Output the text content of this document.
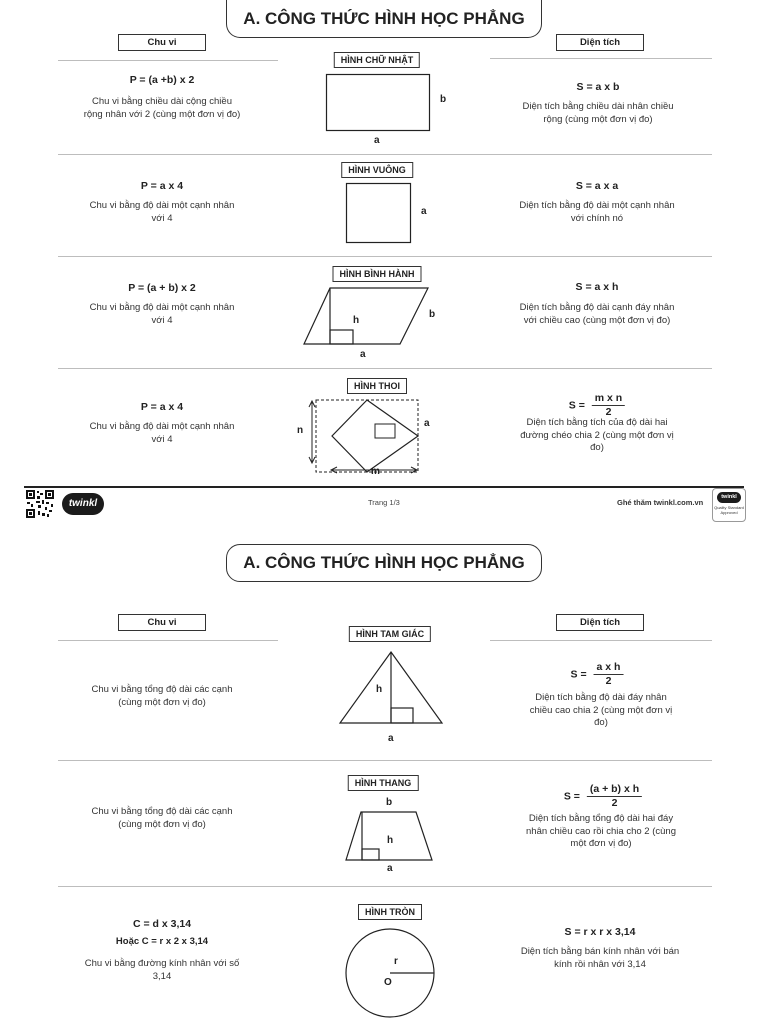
A. CÔNG THỨC HÌNH HỌC PHẲNG
Chu vi	Diện tích
HÌNH CHỮ NHẬT
P = (a +b) x 2
Chu vi bằng chiều dài cộng chiều rộng nhân với 2 (cùng một đơn vị đo)
b
a
S = a x b
Diện tích bằng chiều dài nhân chiều rộng (cùng một đơn vị đo)
HÌNH VUÔNG
P = a x 4
Chu vi bằng độ dài một cạnh nhân với 4
a
S = a x a
Diện tích bằng độ dài một cạnh nhân với chính nó
HÌNH BÌNH HÀNH
P = (a + b) x 2
Chu vi bằng độ dài một cạnh nhân với 4	h
b
a
S = a x h
Diện tích bằng độ dài cạnh đáy nhân với chiều cao (cùng một đơn vị đo)
HÌNH THOI
P = a x 4
Chu vi bằng độ dài một cạnh nhân với 4
n
a
m
$S = \frac{\text{m x n}}{2}$
Diện tích bằng tích của độ dài hai đường chéo chia 2 (cùng một đơn vị đo)
twinkl	Trang 1/3	Ghé thăm twinkl.com.vn
twinkl
Quality Standard Approved
A. CÔNG THỨC HÌNH HỌC PHẲNG
Chu vi	Diện tích
HÌNH TAM GIÁC
Chu vi bằng tổng độ dài các cạnh (cùng một đơn vị đo)
h
a
$S = \frac{\text{a x h}}{2}$
Diện tích bằng độ dài đáy nhân chiều cao chia 2 (cùng một đơn vị đo)
HÌNH THANG
Chu vi bằng tổng độ dài các cạnh (cùng một đơn vị đo)
b
h
a
$S = \frac{\text{(a + b) x h}}{2}$
Diện tích bằng tổng độ dài hai đáy nhân chiều cao rồi chia cho 2 (cùng một đơn vị đo)
HÌNH TRÒN
C = d x 3,14
Hoặc C = r x 2 x 3,14
Chu vi bằng đường kính nhân với số 3,14
r
O
S = r x r x 3,14
Diện tích bằng bán kính nhân với bán kính rồi nhân với 3,14
